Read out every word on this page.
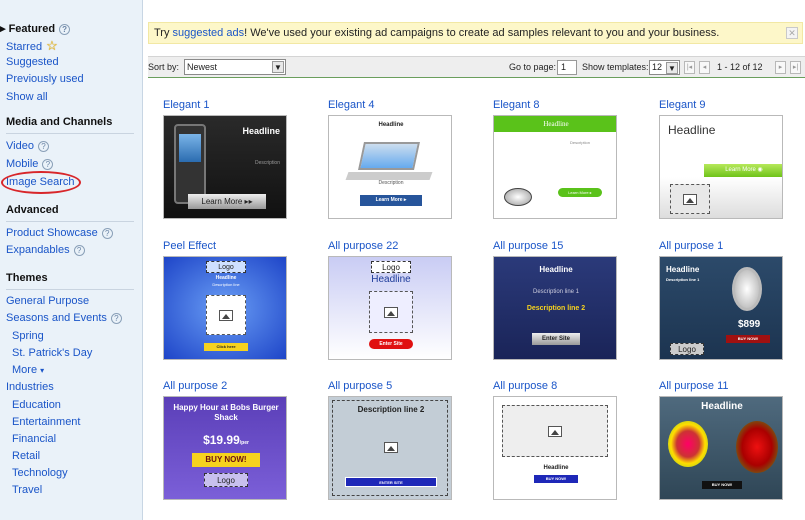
▸ Featured ?
Starred ☆
Suggested
Previously used
Show all
Media and Channels
Video ?
Mobile ?
Image Search
Advanced
Product Showcase ?
Expandables ?
Themes
General Purpose
Seasons and Events ?
Spring
St. Patrick's Day
More ▾
Industries
Education
Entertainment
Financial
Retail
Technology
Travel
Try suggested ads! We've used your existing ad campaigns to create ad samples relevant to you and your business.	✕
Sort by: Newest	▼	Go to page: 1	Show templates: 12 ▼	|◂	◂	1 - 12 of 12	▸	▸|
Elegant 1
Headline
Description
Learn More ▸▸
Elegant 4
Headline
Description
Learn More ▸
Elegant 8
Headline
Description
Learn More ▸
Elegant 9
Headline
Learn More ◉
Peel Effect
Logo
Headline
Description line
Click here
All purpose 22
Logo
Headline
Enter Site
All purpose 15
Headline
Description line 1
Description line 2
Enter Site
All purpose 1
Headline
Description line 1
$899
BUY NOW!
Logo
All purpose 2
Happy Hour at Bobs Burger Shack
$19.99/per
BUY NOW!
Logo
All purpose 5
Description line 2
ENTER SITE
All purpose 8
Headline
BUY NOW!
All purpose 11
Headline
BUY NOW!
